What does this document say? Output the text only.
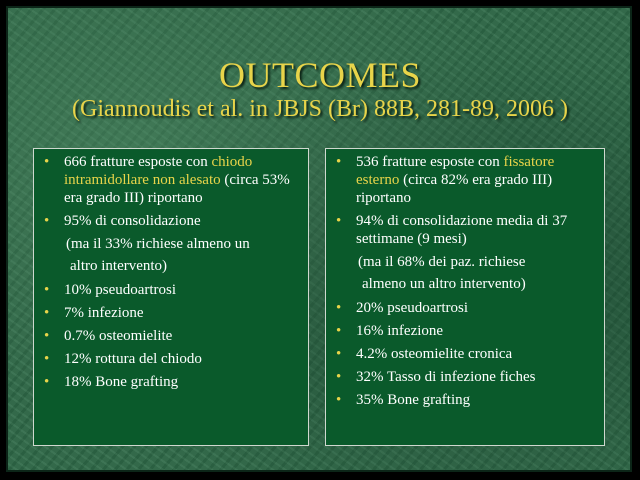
OUTCOMES
(Giannoudis et al. in JBJS (Br) 88B, 281-89, 2006 )
• 666 fratture esposte con chiodo intramidollare non alesato (circa 53% era grado III) riportano
• 95% di consolidazione
(ma il 33% richiese almeno un
altro intervento)
• 10% pseudoartrosi
• 7% infezione
• 0.7% osteomielite
• 12% rottura del chiodo
• 18% Bone grafting
• 536 fratture esposte con fissatore esterno (circa 82% era grado III) riportano
• 94% di consolidazione media di 37 settimane (9 mesi)
(ma il 68% dei paz. richiese
almeno un altro intervento)
• 20% pseudoartrosi
• 16% infezione
• 4.2% osteomielite cronica
• 32% Tasso di infezione fiches
• 35% Bone grafting
